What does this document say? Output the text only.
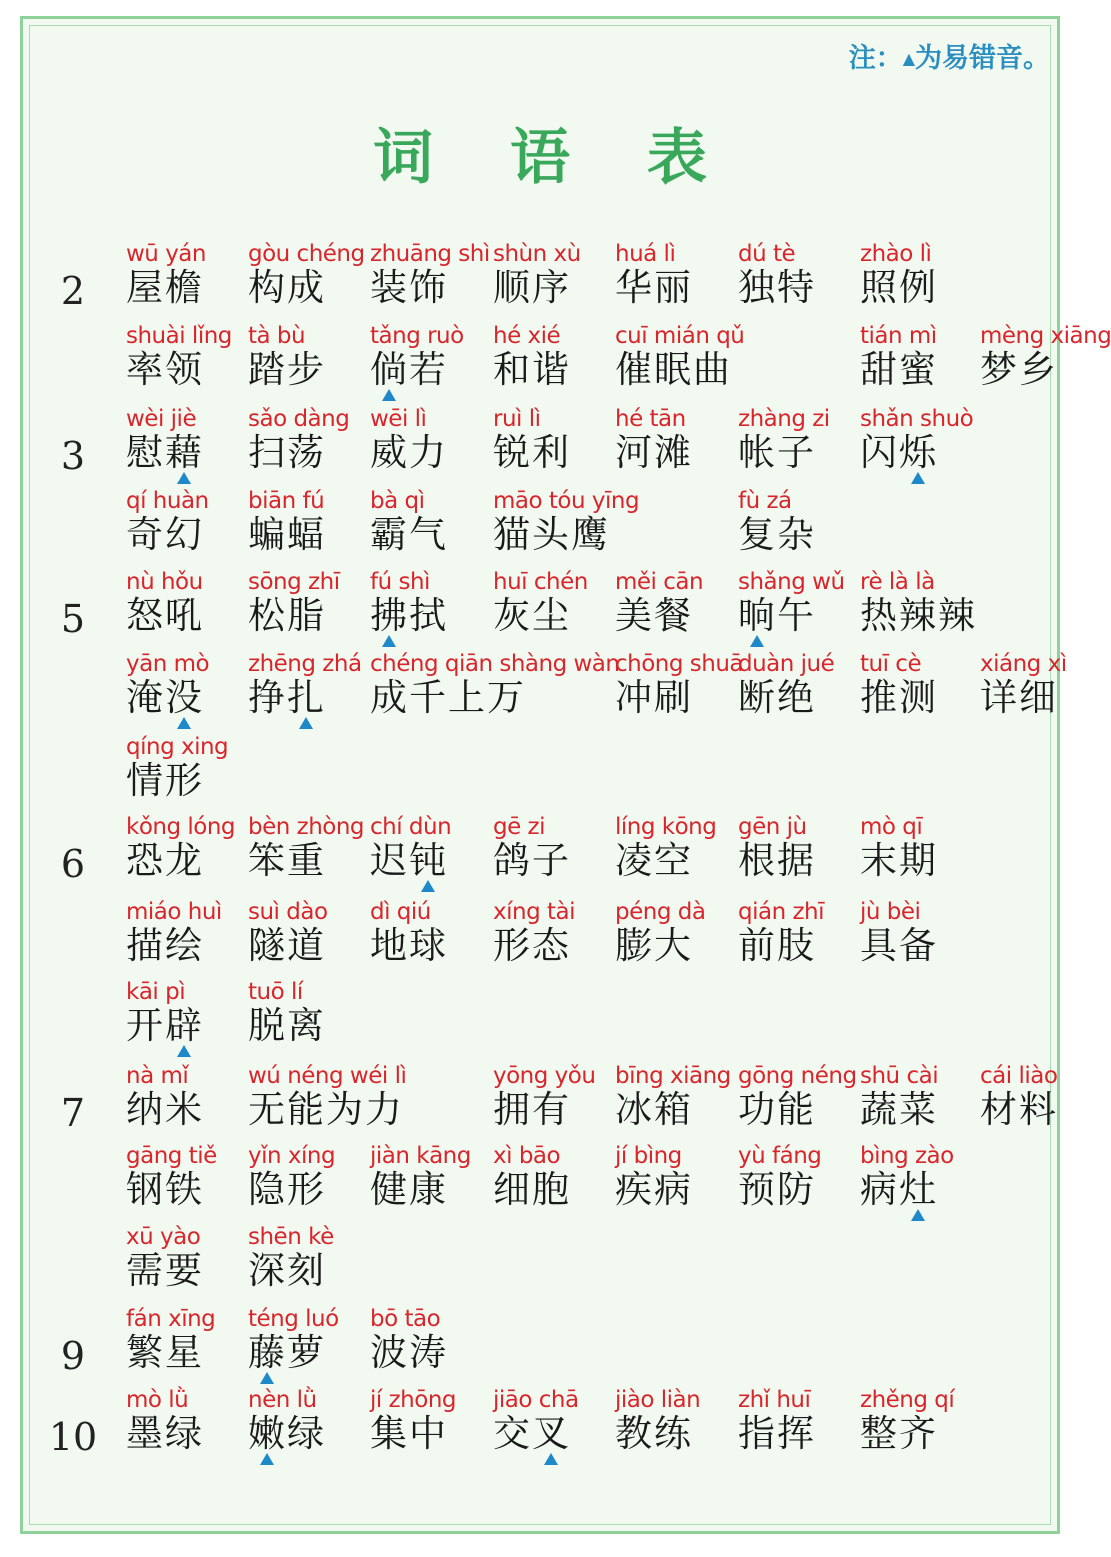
注：▲为易错音。
词 语 表
2
wū yán
屋檐
gòu chéng
构成
zhuāng shì
装饰
shùn xù
顺序
huá lì
华丽
dú tè
独特
zhào lì
照例
shuài lǐng
率领
tà bù
踏步
tǎng ruò
倘若
hé xié
和谐
cuī mián qǔ
催眠曲
tián mì
甜蜜
mèng xiāng
梦乡
3
wèi jiè
慰藉
sǎo dàng
扫荡
wēi lì
威力
ruì lì
锐利
hé tān
河滩
zhàng zi
帐子
shǎn shuò
闪烁
qí huàn
奇幻
biān fú
蝙蝠
bà qì
霸气
māo tóu yīng
猫头鹰
fù zá
复杂
5
nù hǒu
怒吼
sōng zhī
松脂
fú shì
拂拭
huī chén
灰尘
měi cān
美餐
shǎng wǔ
晌午
rè là là
热辣辣
yān mò
淹没
zhēng zhá
挣扎
chéng qiān shàng wàn
成千上万
chōng shuā
冲刷
duàn jué
断绝
tuī cè
推测
xiáng xì
详细
qíng xing
情形
6
kǒng lóng
恐龙
bèn zhòng
笨重
chí dùn
迟钝
gē zi
鸽子
líng kōng
凌空
gēn jù
根据
mò qī
末期
miáo huì
描绘
suì dào
隧道
dì qiú
地球
xíng tài
形态
péng dà
膨大
qián zhī
前肢
jù bèi
具备
kāi pì
开辟
tuō lí
脱离
7
nà mǐ
纳米
wú néng wéi lì
无能为力
yōng yǒu
拥有
bīng xiāng
冰箱
gōng néng
功能
shū cài
蔬菜
cái liào
材料
gāng tiě
钢铁
yǐn xíng
隐形
jiàn kāng
健康
xì bāo
细胞
jí bìng
疾病
yù fáng
预防
bìng zào
病灶
xū yào
需要
shēn kè
深刻
9
fán xīng
繁星
téng luó
藤萝
bō tāo
波涛
10
mò lǜ
墨绿
nèn lǜ
嫩绿
jí zhōng
集中
jiāo chā
交叉
jiào liàn
教练
zhǐ huī
指挥
zhěng qí
整齐
